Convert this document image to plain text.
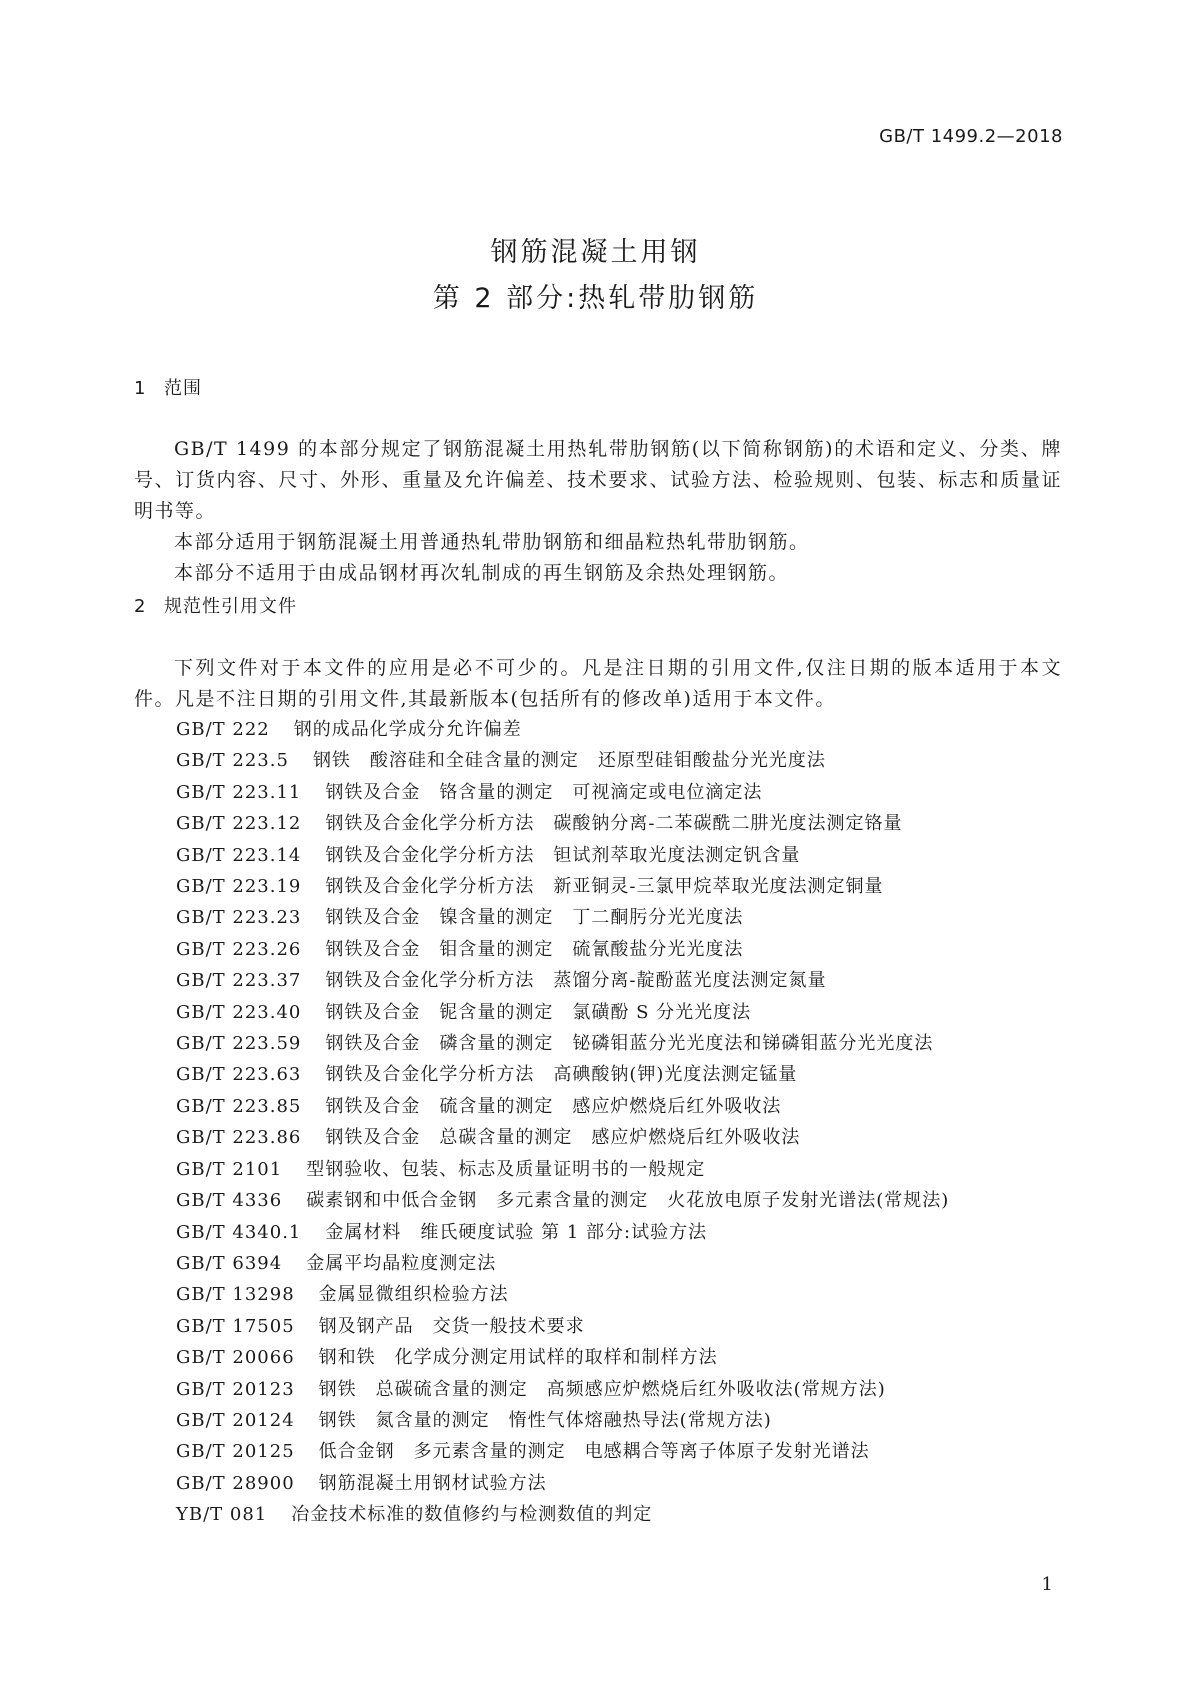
GB/T 1499.2—2018
钢筋混凝土用钢
第 2 部分:热轧带肋钢筋
1 范围

GB/T 1499 的本部分规定了钢筋混凝土用热轧带肋钢筋(以下简称钢筋)的术语和定义、分类、牌号、订货内容、尺寸、外形、重量及允许偏差、技术要求、试验方法、检验规则、包装、标志和质量证明书等。

本部分适用于钢筋混凝土用普通热轧带肋钢筋和细晶粒热轧带肋钢筋。

本部分不适用于由成品钢材再次轧制成的再生钢筋及余热处理钢筋。

2 规范性引用文件

下列文件对于本文件的应用是必不可少的。凡是注日期的引用文件,仅注日期的版本适用于本文件。凡是不注日期的引用文件,其最新版本(包括所有的修改单)适用于本文件。

GB/T 222 钢的成品化学成分允许偏差
GB/T 223.5 钢铁　酸溶硅和全硅含量的测定　还原型硅钼酸盐分光光度法
GB/T 223.11 钢铁及合金　铬含量的测定　可视滴定或电位滴定法
GB/T 223.12 钢铁及合金化学分析方法　碳酸钠分离-二苯碳酰二肼光度法测定铬量
GB/T 223.14 钢铁及合金化学分析方法　钽试剂萃取光度法测定钒含量
GB/T 223.19 钢铁及合金化学分析方法　新亚铜灵-三氯甲烷萃取光度法测定铜量
GB/T 223.23 钢铁及合金　镍含量的测定　丁二酮肟分光光度法
GB/T 223.26 钢铁及合金　钼含量的测定　硫氰酸盐分光光度法
GB/T 223.37 钢铁及合金化学分析方法　蒸馏分离-靛酚蓝光度法测定氮量
GB/T 223.40 钢铁及合金　铌含量的测定　氯磺酚 S 分光光度法
GB/T 223.59 钢铁及合金　磷含量的测定　铋磷钼蓝分光光度法和锑磷钼蓝分光光度法
GB/T 223.63 钢铁及合金化学分析方法　高碘酸钠(钾)光度法测定锰量
GB/T 223.85 钢铁及合金　硫含量的测定　感应炉燃烧后红外吸收法
GB/T 223.86 钢铁及合金　总碳含量的测定　感应炉燃烧后红外吸收法
GB/T 2101 型钢验收、包装、标志及质量证明书的一般规定
GB/T 4336 碳素钢和中低合金钢　多元素含量的测定　火花放电原子发射光谱法(常规法)
GB/T 4340.1 金属材料　维氏硬度试验 第 1 部分:试验方法
GB/T 6394 金属平均晶粒度测定法
GB/T 13298 金属显微组织检验方法
GB/T 17505 钢及钢产品　交货一般技术要求
GB/T 20066 钢和铁　化学成分测定用试样的取样和制样方法
GB/T 20123 钢铁　总碳硫含量的测定　高频感应炉燃烧后红外吸收法(常规方法)
GB/T 20124 钢铁　氮含量的测定　惰性气体熔融热导法(常规方法)
GB/T 20125 低合金钢　多元素含量的测定　电感耦合等离子体原子发射光谱法
GB/T 28900 钢筋混凝土用钢材试验方法
YB/T 081 冶金技术标准的数值修约与检测数值的判定
1
